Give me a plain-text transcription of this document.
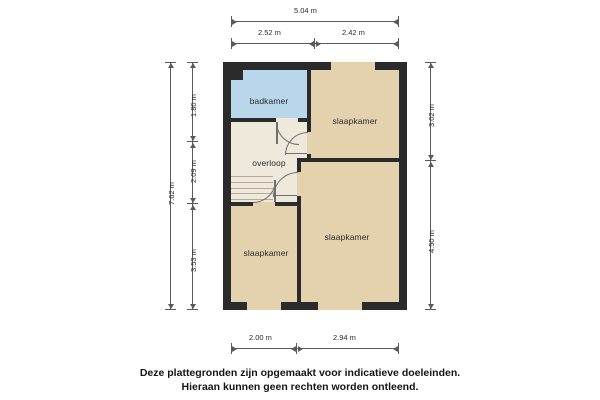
5.04 m
2.52 m	2.42 m
7.62 m
1.80 m
2.09 m
3.53 m
3.02 m
4.50 m
2.00 m	2.94 m
badkamer
slaapkamer
overloop
slaapkamer
slaapkamer
Deze plattegronden zijn opgemaakt voor indicatieve doeleinden.
Hieraan kunnen geen rechten worden ontleend.
